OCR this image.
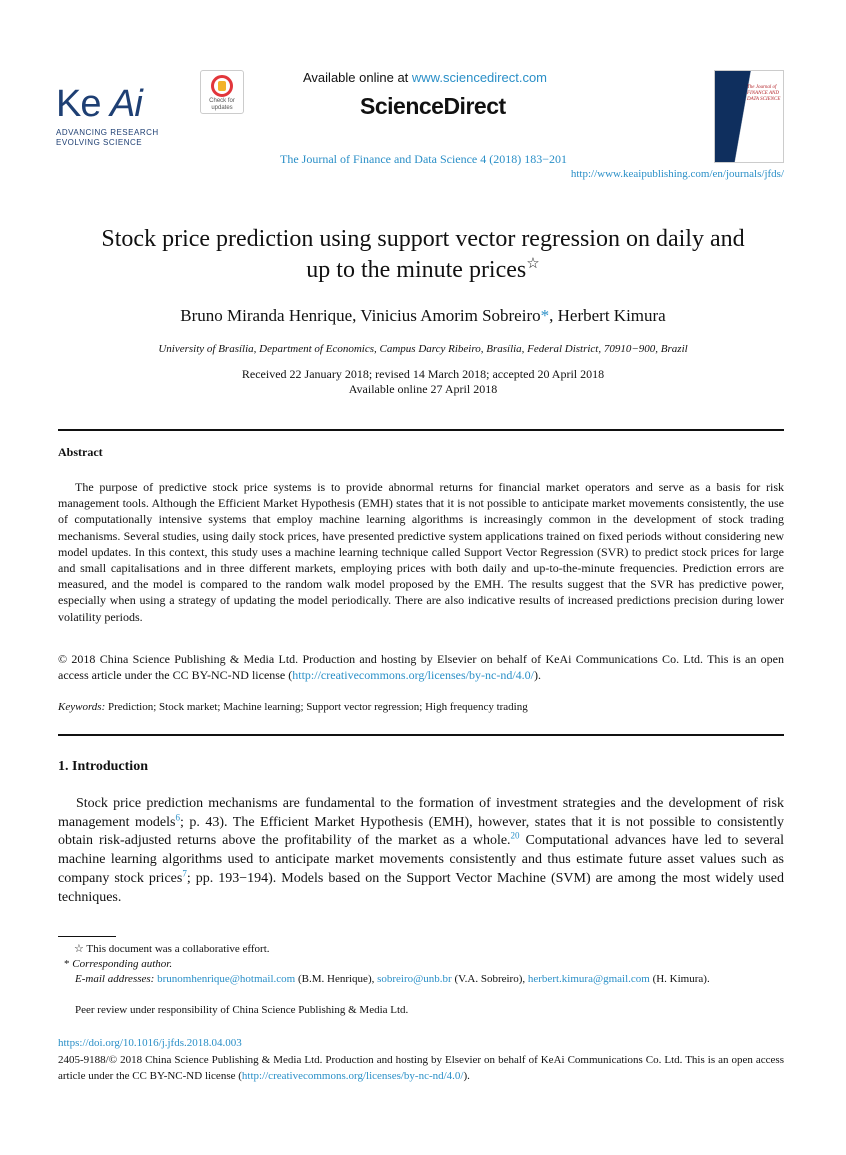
Ke Ai
ADVANCING RESEARCH
EVOLVING SCIENCE
Check for
updates
Available online at www.sciencedirect.com
ScienceDirect
The Journal of Finance and Data Science 4 (2018) 183−201
http://www.keaipublishing.com/en/journals/jfds/
The Journal of FINANCE AND DATA SCIENCE
Stock price prediction using support vector regression on daily and
up to the minute prices☆
Bruno Miranda Henrique, Vinicius Amorim Sobreiro*, Herbert Kimura
University of Brasília, Department of Economics, Campus Darcy Ribeiro, Brasília, Federal District, 70910−900, Brazil
Received 22 January 2018; revised 14 March 2018; accepted 20 April 2018
Available online 27 April 2018
Abstract
The purpose of predictive stock price systems is to provide abnormal returns for financial market operators and serve as a basis for risk management tools. Although the Efficient Market Hypothesis (EMH) states that it is not possible to anticipate market movements consistently, the use of computationally intensive systems that employ machine learning algorithms is increasingly common in the development of stock trading mechanisms. Several studies, using daily stock prices, have presented predictive system applications trained on fixed periods without considering new model updates. In this context, this study uses a machine learning technique called Support Vector Regression (SVR) to predict stock prices for large and small capitalisations and in three different markets, employing prices with both daily and up-to-the-minute frequencies. Prediction errors are measured, and the model is compared to the random walk model proposed by the EMH. The results suggest that the SVR has predictive power, especially when using a strategy of updating the model periodically. There are also indicative results of increased predictions precision during lower volatility periods.
© 2018 China Science Publishing & Media Ltd. Production and hosting by Elsevier on behalf of KeAi Communications Co. Ltd. This is an open access article under the CC BY-NC-ND license (http://creativecommons.org/licenses/by-nc-nd/4.0/).
Keywords: Prediction; Stock market; Machine learning; Support vector regression; High frequency trading
1. Introduction
Stock price prediction mechanisms are fundamental to the formation of investment strategies and the development of risk management models$^6$; p. 43). The Efficient Market Hypothesis (EMH), however, states that it is not possible to consistently obtain risk-adjusted returns above the profitability of the market as a whole.$^{20}$ Computational advances have led to several machine learning algorithms used to anticipate market movements consistently and thus estimate future asset values such as company stock prices$^7$; pp. 193−194). Models based on the Support Vector Machine (SVM) are among the most widely used techniques.
☆ This document was a collaborative effort.
* Corresponding author.
E-mail addresses: brunomhenrique@hotmail.com (B.M. Henrique), sobreiro@unb.br (V.A. Sobreiro), herbert.kimura@gmail.com (H. Kimura).
Peer review under responsibility of China Science Publishing & Media Ltd.
https://doi.org/10.1016/j.jfds.2018.04.003
2405-9188/© 2018 China Science Publishing & Media Ltd. Production and hosting by Elsevier on behalf of KeAi Communications Co. Ltd. This is an open access article under the CC BY-NC-ND license (http://creativecommons.org/licenses/by-nc-nd/4.0/).
